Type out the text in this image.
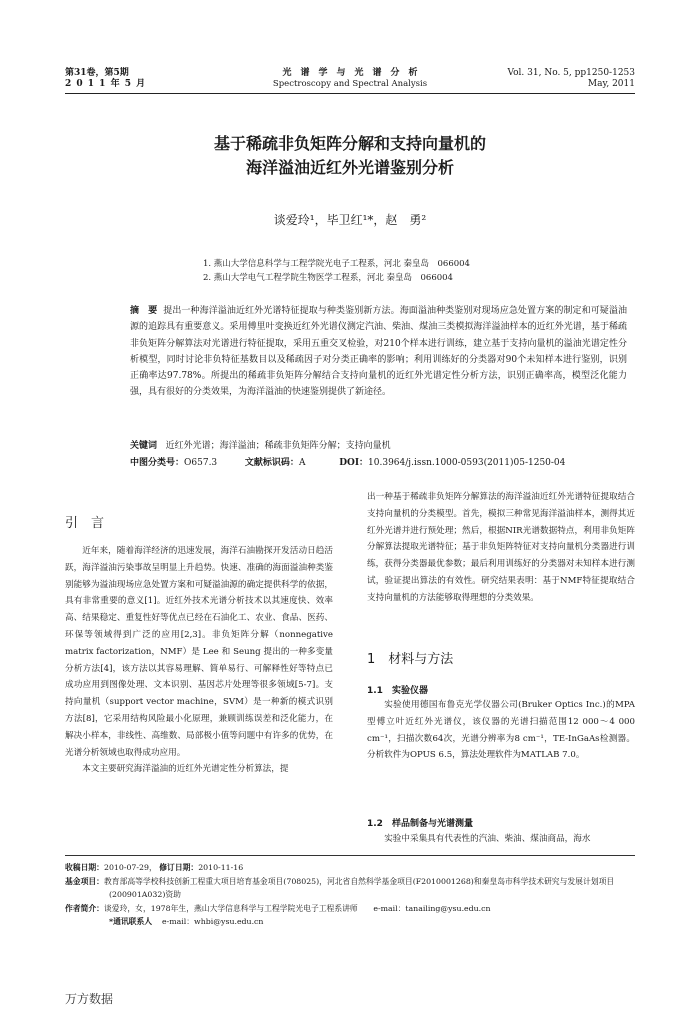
第31卷，第5期
2 0 1 1 年 5 月
光　谱　学　与　光　谱　分　析
Spectroscopy and Spectral Analysis
Vol. 31, No. 5, pp1250-1253
May, 2011
基于稀疏非负矩阵分解和支持向量机的
海洋溢油近红外光谱鉴别分析
谈爱玲¹，毕卫红¹*，赵　勇²
1. 燕山大学信息科学与工程学院光电子工程系，河北 秦皇岛　066004
2. 燕山大学电气工程学院生物医学工程系，河北 秦皇岛　066004
摘　要 提出一种海洋溢油近红外光谱特征提取与种类鉴别新方法。海面溢油种类鉴别对现场应急处置方案的制定和可疑溢油源的追踪具有重要意义。采用傅里叶变换近红外光谱仪测定汽油、柴油、煤油三类模拟海洋溢油样本的近红外光谱，基于稀疏非负矩阵分解算法对光谱进行特征提取，采用五重交叉检验，对210个样本进行训练，建立基于支持向量机的溢油光谱定性分析模型，同时讨论非负特征基数目以及稀疏因子对分类正确率的影响；利用训练好的分类器对90个未知样本进行鉴别，识别正确率达97.78%。所提出的稀疏非负矩阵分解结合支持向量机的近红外光谱定性分析方法，识别正确率高，模型泛化能力强，具有很好的分类效果，为海洋溢油的快速鉴别提供了新途径。
关键词 近红外光谱；海洋溢油；稀疏非负矩阵分解；支持向量机
中图分类号：O657.3	文献标识码：A	DOI：10.3964/j.issn.1000-0593(2011)05-1250-04
引　言

近年来，随着海洋经济的迅速发展，海洋石油勘探开发活动日趋活跃，海洋溢油污染事故呈明显上升趋势。快速、准确的海面溢油种类鉴别能够为溢油现场应急处置方案和可疑溢油源的确定提供科学的依据，具有非常重要的意义[1]。近红外技术光谱分析技术以其速度快、效率高、结果稳定、重复性好等优点已经在石油化工、农业、食品、医药、环保等领域得到广泛的应用[2,3]。非负矩阵分解（nonnegative matrix factorization，NMF）是 Lee 和 Seung 提出的一种多变量分析方法[4]，该方法以其容易理解、简单易行、可解释性好等特点已成功应用到图像处理、文本识别、基因芯片处理等很多领域[5-7]。支持向量机（support vector machine，SVM）是一种新的模式识别方法[8]，它采用结构风险最小化原理，兼顾训练误差和泛化能力，在解决小样本，非线性、高维数、局部极小值等问题中有许多的优势，在光谱分析领域也取得成功应用。

本文主要研究海洋溢油的近红外光谱定性分析算法，提

出一种基于稀疏非负矩阵分解算法的海洋溢油近红外光谱特征提取结合支持向量机的分类模型。首先，模拟三种常见海洋溢油样本，测得其近红外光谱并进行预处理；然后，根据NIR光谱数据特点，利用非负矩阵分解算法提取光谱特征；基于非负矩阵特征对支持向量机分类器进行训练，获得分类器最优参数；最后利用训练好的分类器对未知样本进行测试，验证提出算法的有效性。研究结果表明：基于NMF特征提取结合支持向量机的方法能够取得理想的分类效果。

1　材料与方法
1.1　实验仪器

实验使用德国布鲁克光学仪器公司(Bruker Optics Inc.)的MPA型傅立叶近红外光谱仪，该仪器的光谱扫描范围12 000～4 000 cm⁻¹，扫描次数64次，光谱分辨率为8 cm⁻¹，TE-InGaAs检测器。分析软件为OPUS 6.5，算法处理软件为MATLAB 7.0。

1.2　样品制备与光谱测量

实验中采集具有代表性的汽油、柴油、煤油商品，海水

收稿日期：2010-07-29， 修订日期：2010-11-16
基金项目：教育部高等学校科技创新工程重大项目培育基金项目(708025)，河北省自然科学基金项目(F2010001268)和秦皇岛市科学技术研究与发展计划项目(200901A032)资助
作者简介：谈爱玲，女，1978年生，燕山大学信息科学与工程学院光电子工程系讲师　　e-mail：tanailing@ysu.edu.cn
*通讯联系人 e-mail：whbi@ysu.edu.cn
万方数据
